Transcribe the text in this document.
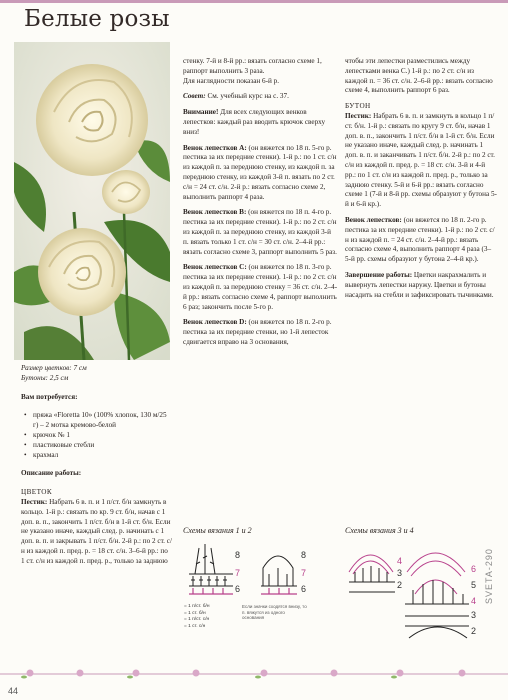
Белые розы

Размер цветков: 7 см

Бутоны: 2,5 см

Вам потребуется:

• пряжа «Floretta 10» (100% хлопок, 130 м/25 г) – 2 мотка кремово-белой

• крючок № 1

• пластиковые стебли

• крахмал

Описание работы:

ЦВЕТОК

Пестик: Набрать 6 в. п. и 1 п/ст. б/н замкнуть в кольцо. 1-й р.: связать по кр. 9 ст. б/н, начав с 1 доп. в. п., закончить 1 п/ст. б/н в 1-й ст. б/н. Если не указано иначе, каждый след. р. начинать с 1 доп. в. п. и закрывать 1 п/ст. б/н. 2-й р.: по 2 ст. с/н из каждой п. пред. р. = 18 ст. с/н. 3–6-й рр.: по 1 ст. с/н из каждой п. пред. р., только за заднюю

стенку. 7-й и 8-й рр.: вязать согласно схеме 1, раппорт выполнить 3 раза.

Для наглядности показан 6-й р.

Совет: См. учебный курс на с. 37.

Внимание! Для всех следующих венков лепестков: каждый раз вводить крючок сверху вниз!

Венок лепестков A: (он вяжется по 18 п. 5-го р. пестика за их передние стенки). 1-й р.: по 1 ст. с/н из каждой п. за переднюю стенку, из каждой п. за переднюю стенку, из каждой 3-й п. вязать по 2 ст. с/н = 24 ст. с/н. 2-й р.: вязать согласно схеме 2, выполнить раппорт 4 раза.

Венок лепестков B: (он вяжется по 18 п. 4-го р. пестика за их передние стенки). 1-й р.: по 2 ст. с/н из каждой п. за переднюю стенку, из каждой 3-й п. вязать только 1 ст. с/н = 30 ст. с/н. 2–4-й рр.: вязать согласно схеме 3, раппорт выполнить 5 раз.

Венок лепестков C: (он вяжется по 18 п. 3-го р. пестика за их передние стенки). 1-й р.: по 2 ст. с/н из каждой п. за переднюю стенку = 36 ст. с/н. 2–4-й рр.: вязать согласно схеме 4, раппорт выполнить 6 раз; закончить после 5-го р.

Венок лепестков D: (он вяжется по 18 п. 2-го р. пестика за их передние стенки, но 1-й лепесток сдвигается вправо на 3 основания,

чтобы эти лепестки разместились между лепестками венка С.) 1-й р.: по 2 ст. с/н из каждой п. = 36 ст. с/н. 2–6-й рр.: вязать согласно схеме 4, выполнить раппорт 6 раз.

БУТОН

Пестик: Набрать 6 в. п. и замкнуть в кольцо 1 п/ст. б/н. 1-й р.: связать по кругу 9 ст. б/н, начав 1 доп. в. п., закончить 1 п/ст. б/н в 1-й ст. б/н. Если не указано иначе, каждый след. р. начинать 1 доп. в. п. и заканчивать 1 п/ст. б/н. 2-й р.: по 2 ст. с/н из каждой п. пред. р. = 18 ст. с/н. 3-й и 4-й рр.: по 1 ст. с/н из каждой п. пред. р., только за заднюю стенку. 5-й и 6-й рр.: вязать согласно схеме 1 (7-й и 8-й рр. схемы образуют у бутона 5-й и 6-й кр.).

Венок лепестков: (он вяжется по 18 п. 2-го р. пестика за их передние стенки). 1-й р.: по 2 ст. с/н из каждой п. = 24 ст. с/н. 2–4-й рр.: вязать согласно схеме 4, выполнить раппорт 4 раза (3–5-й рр. схемы образуют у бутона 2–4-й кр.).

Завершение работы: Цветки накрахмалить и вывернуть лепестки наружу. Цветки и бутоны насадить на стебли и зафиксировать тычинками.

Схемы вязания 1 и 2	Схемы вязания 3 и 4
8
7
6
8
7
6
4
3
2
6
5
4
3
2
= 1 п/ст. б/н
= 1 ст. б/н
= 1 п/ст. с/н
= 1 ст. с/н
Если значки сходятся внизу, то п. вяжутся из одного основания
44
SVETA-290
